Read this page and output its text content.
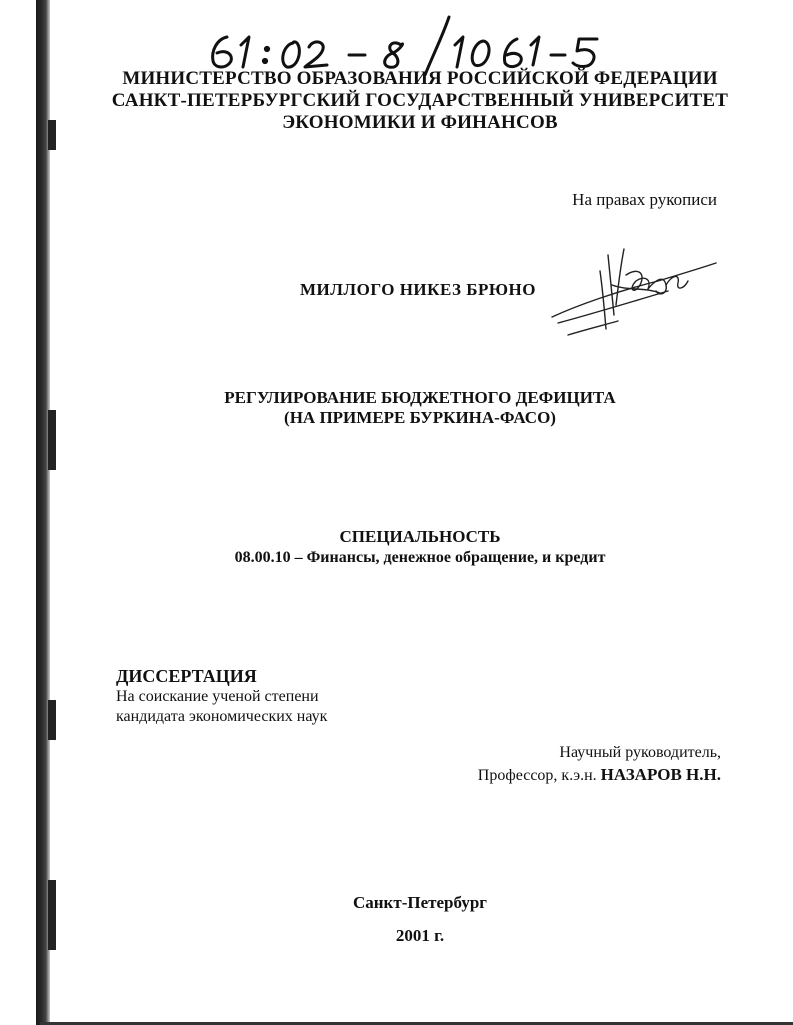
МИНИСТЕРСТВО ОБРАЗОВАНИЯ РОССИЙСКОЙ ФЕДЕРАЦИИ
САНКТ-ПЕТЕРБУРГСКИЙ ГОСУДАРСТВЕННЫЙ УНИВЕРСИТЕТ
ЭКОНОМИКИ И ФИНАНСОВ
На правах рукописи
МИЛЛОГО НИКЕЗ БРЮНО
РЕГУЛИРОВАНИЕ БЮДЖЕТНОГО ДЕФИЦИТА
(НА ПРИМЕРЕ БУРКИНА-ФАСО)
СПЕЦИАЛЬНОСТЬ
08.00.10 – Финансы, денежное обращение, и кредит
ДИССЕРТАЦИЯ
На соискание ученой степени
кандидата экономических наук
Научный руководитель,
Профессор, к.э.н. НАЗАРОВ Н.Н.
Санкт-Петербург
2001 г.
